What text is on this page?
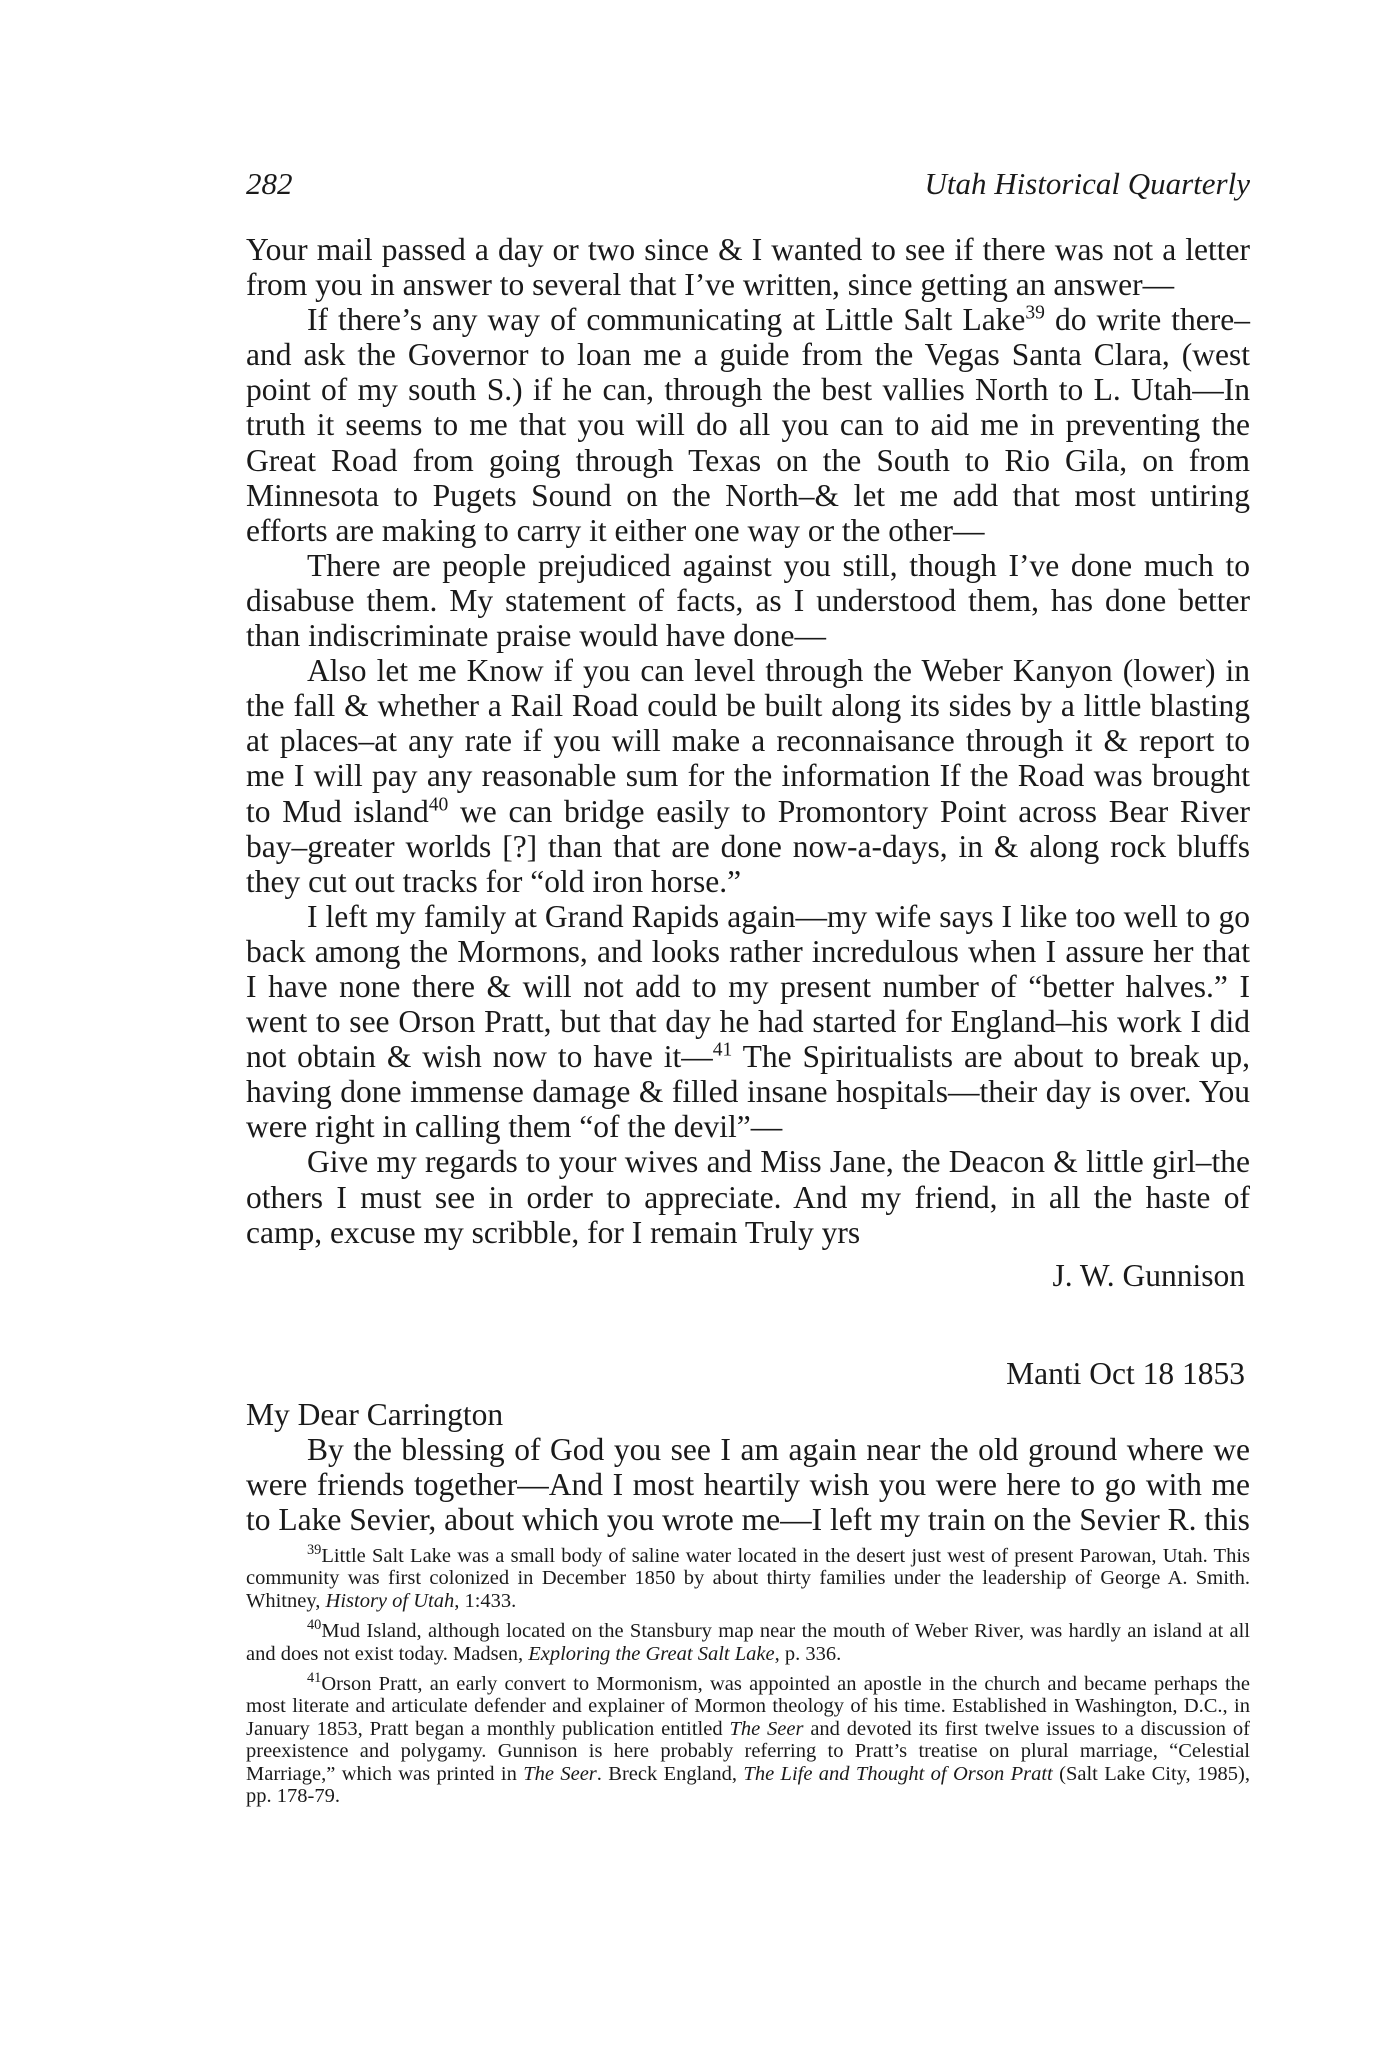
282	Utah Historical Quarterly

Your mail passed a day or two since & I wanted to see if there was not a letter from you in answer to several that I’ve written, since getting an answer—

If there’s any way of communicating at Little Salt Lake$^{39}$ do write there–and ask the Governor to loan me a guide from the Vegas Santa Clara, (west point of my south S.) if he can, through the best vallies North to L. Utah—In truth it seems to me that you will do all you can to aid me in preventing the Great Road from going through Texas on the South to Rio Gila, on from Minnesota to Pugets Sound on the North–& let me add that most untiring efforts are making to carry it either one way or the other—

There are people prejudiced against you still, though I’ve done much to disabuse them. My statement of facts, as I understood them, has done better than indiscriminate praise would have done—

Also let me Know if you can level through the Weber Kanyon (lower) in the fall & whether a Rail Road could be built along its sides by a little blasting at places–at any rate if you will make a reconnaisance through it & report to me I will pay any reasonable sum for the information If the Road was brought to Mud island$^{40}$ we can bridge easily to Promontory Point across Bear River bay–greater worlds [?] than that are done now-a-days, in & along rock bluffs they cut out tracks for “old iron horse.”

I left my family at Grand Rapids again—my wife says I like too well to go back among the Mormons, and looks rather incredulous when I assure her that I have none there & will not add to my present number of “better halves.” I went to see Orson Pratt, but that day he had started for England–his work I did not obtain & wish now to have it—$^{41}$ The Spiritualists are about to break up, having done immense damage & filled insane hospitals—their day is over. You were right in calling them “of the devil”—

Give my regards to your wives and Miss Jane, the Deacon & little girl–the others I must see in order to appreciate. And my friend, in all the haste of camp, excuse my scribble, for I remain Truly yrs

J. W. Gunnison

Manti Oct 18 1853

My Dear Carrington

By the blessing of God you see I am again near the old ground where we were friends together—And I most heartily wish you were here to go with me to Lake Sevier, about which you wrote me—I left my train on the Sevier R. this

$^{39}$Little Salt Lake was a small body of saline water located in the desert just west of present Parowan, Utah. This community was first colonized in December 1850 by about thirty families under the leadership of George A. Smith. Whitney, History of Utah, 1:433.

$^{40}$Mud Island, although located on the Stansbury map near the mouth of Weber River, was hardly an island at all and does not exist today. Madsen, Exploring the Great Salt Lake, p. 336.

$^{41}$Orson Pratt, an early convert to Mormonism, was appointed an apostle in the church and became perhaps the most literate and articulate defender and explainer of Mormon theology of his time. Established in Washington, D.C., in January 1853, Pratt began a monthly publication entitled The Seer and devoted its first twelve issues to a discussion of preexistence and polygamy. Gunnison is here probably referring to Pratt’s treatise on plural marriage, “Celestial Marriage,” which was printed in The Seer. Breck England, The Life and Thought of Orson Pratt (Salt Lake City, 1985), pp. 178-79.
